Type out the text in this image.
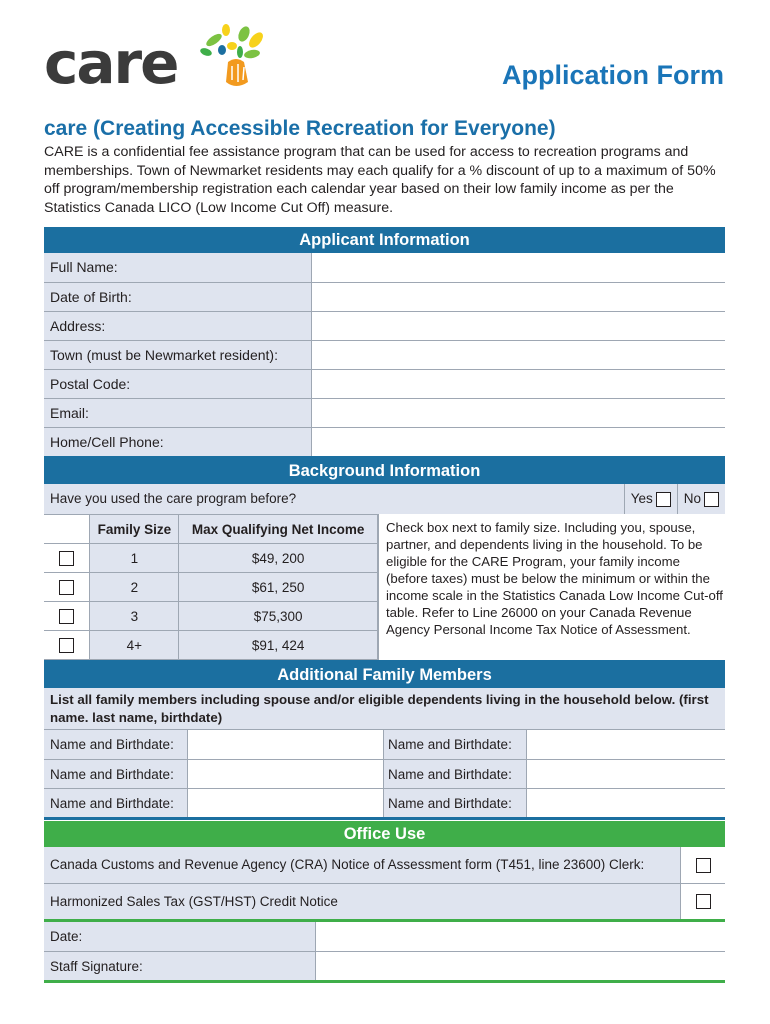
care	Application Form
care (Creating Accessible Recreation for Everyone)
CARE is a confidential fee assistance program that can be used for access to recreation programs and memberships. Town of Newmarket residents may each qualify for a % discount of up to a maximum of 50% off program/membership registration each calendar year based on their low family income as per the Statistics Canada LICO (Low Income Cut Off) measure.
Applicant Information
Full Name:
Date of Birth:
Address:
Town (must be Newmarket resident):
Postal Code:
Email:
Home/Cell Phone:
Background Information
Have you used the care program before?	Yes No
	Family Size	Max Qualifying Net Income
	1	$49, 200
	2	$61, 250
	3	$75,300
	4+	$91, 424
Check box next to family size. Including you, spouse, partner, and dependents living in the household. To be eligible for the CARE Program, your family income (before taxes) must be below the minimum or within the income scale in the Statistics Canada Low Income Cut-off table. Refer to Line 26000 on your Canada Revenue Agency Personal Income Tax Notice of Assessment.
Additional Family Members
List all family members including spouse and/or eligible dependents living in the household below. (first name. last name, birthdate)
Name and Birthdate:	Name and Birthdate:
Name and Birthdate:	Name and Birthdate:
Name and Birthdate:	Name and Birthdate:
Office Use
Canada Customs and Revenue Agency (CRA) Notice of Assessment form (T451, line 23600) Clerk:
Harmonized Sales Tax (GST/HST) Credit Notice
Date:
Staff Signature:
